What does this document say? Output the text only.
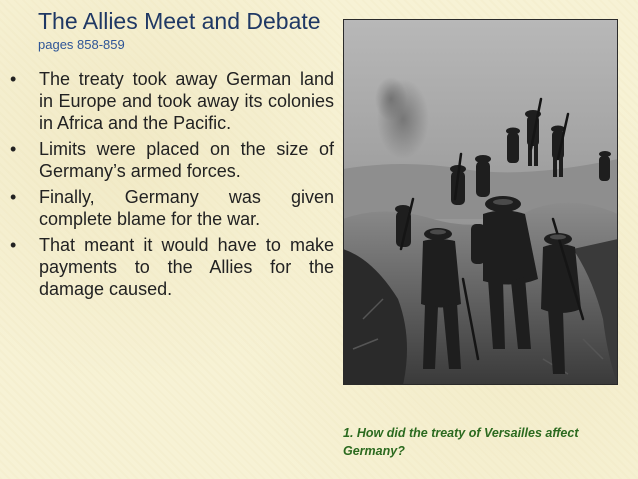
The Allies Meet and Debate
pages 858-859
•	The treaty took away German land in Europe and took away its colonies in Africa and the Pacific.
•	Limits were placed on the size of Germany’s armed forces.
•	Finally, Germany was given complete blame for the war.
•	That meant it would have to make payments to the Allies for the damage caused.
1. How did the treaty of Versailles affect Germany?
